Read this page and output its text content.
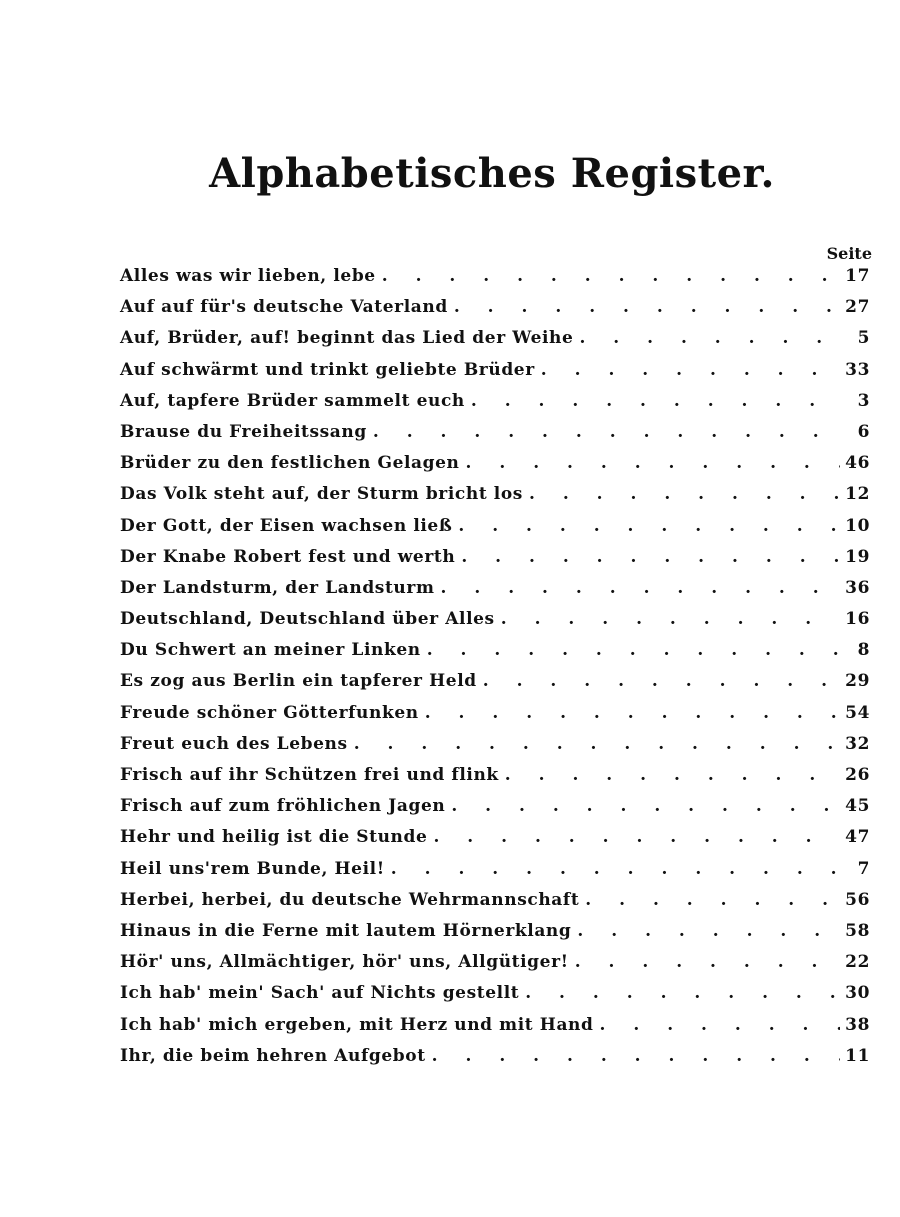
Alphabetisches Register.
Seite
Alles was wir lieben, lebe . . .	17
Auf auf für's deutsche Vaterland . . .	27
Auf, Brüder, auf! beginnt das Lied der Weihe . . .	5
Auf schwärmt und trinkt geliebte Brüder . . .	33
Auf, tapfere Brüder sammelt euch . . .	3
Brause du Freiheitssang . . .	6
Brüder zu den festlichen Gelagen . . .	46
Das Volk steht auf, der Sturm bricht los . . .	12
Der Gott, der Eisen wachsen ließ . . .	10
Der Knabe Robert fest und werth . . .	19
Der Landsturm, der Landsturm . . .	36
Deutschland, Deutschland über Alles . . .	16
Du Schwert an meiner Linken . . .	8
Es zog aus Berlin ein tapferer Held . . .	29
Freude schöner Götterfunken . . .	54
Freut euch des Lebens . . .	32
Frisch auf ihr Schützen frei und flink . . .	26
Frisch auf zum fröhlichen Jagen . . .	45
Hehr und heilig ist die Stunde . . .	47
Heil uns'rem Bunde, Heil! . . .	7
Herbei, herbei, du deutsche Wehrmannschaft . . .	56
Hinaus in die Ferne mit lautem Hörnerklang . . .	58
Hör' uns, Allmächtiger, hör' uns, Allgütiger! . . .	22
Ich hab' mein' Sach' auf Nichts gestellt . . .	30
Ich hab' mich ergeben, mit Herz und mit Hand . . .	38
Ihr, die beim hehren Aufgebot . . .	11
